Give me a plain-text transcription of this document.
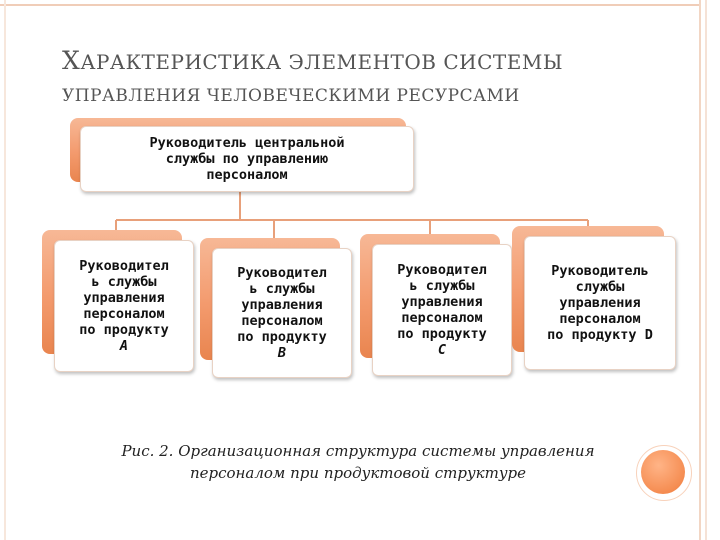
ХАРАКТЕРИСТИКА ЭЛЕМЕНТОВ СИСТЕМЫ
УПРАВЛЕНИЯ ЧЕЛОВЕЧЕСКИМИ РЕСУРСАМИ
Руководитель центральной
службы по управлению
персоналом
Руководител
ь службы
управления
персоналом
по продукту
A
Руководител
ь службы
управления
персоналом
по продукту
B
Руководител
ь службы
управления
персоналом
по продукту
C
Руководитель
службы
управления
персоналом
по продукту D
Рис. 2. Организационная структура системы управления
персоналом при продуктовой структуре
